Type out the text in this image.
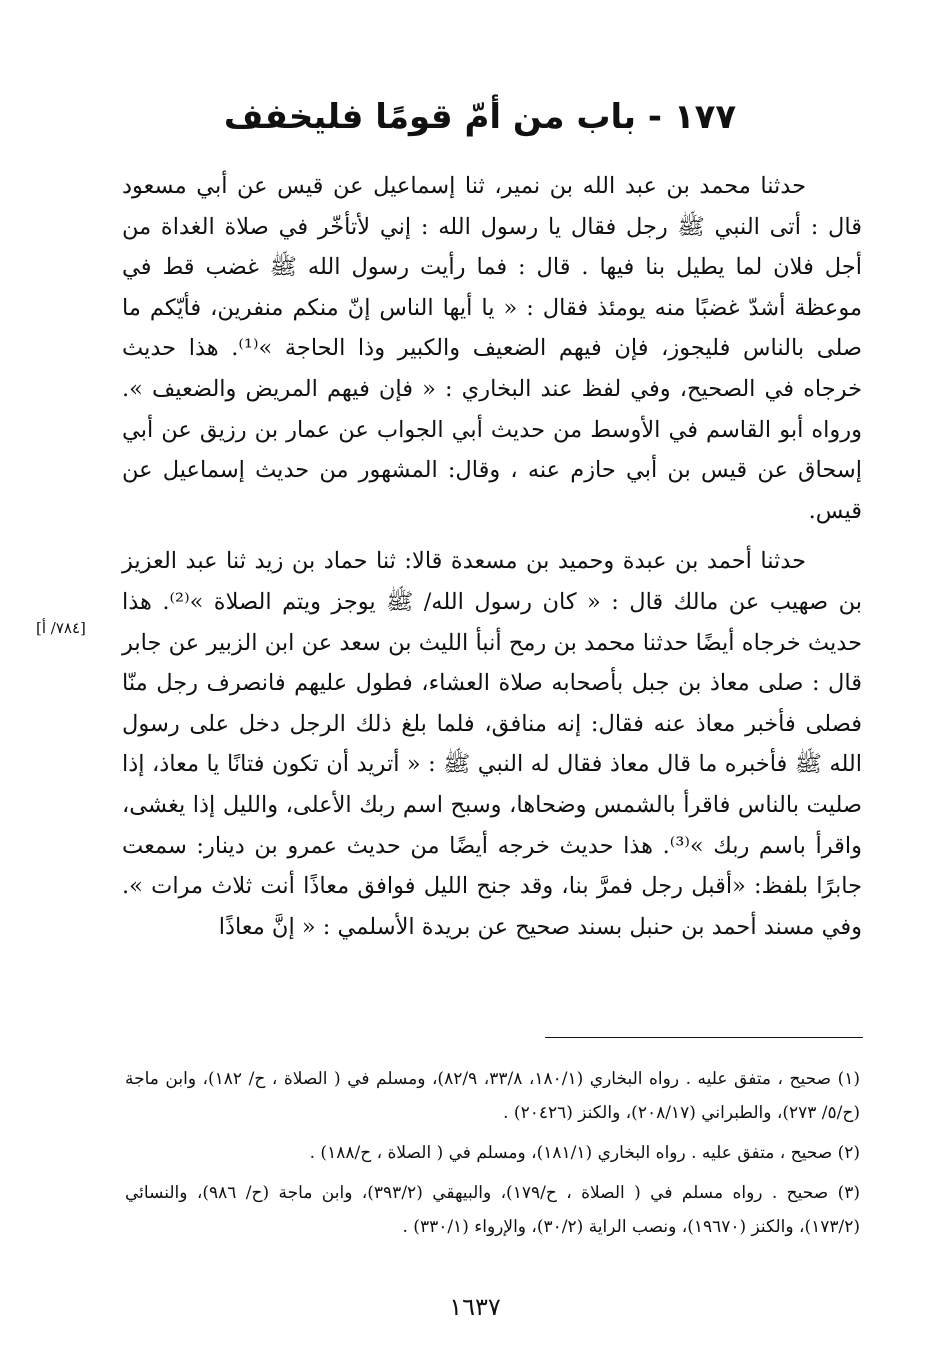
١٧٧ - باب من أمّ قومًا فليخفف

حدثنا محمد بن عبد الله بن نمير، ثنا إسماعيل عن قيس عن أبي مسعود قال : أتى النبي ﷺ رجل فقال يا رسول الله : إني لأتأخّر في صلاة الغداة من أجل فلان لما يطيل بنا فيها . قال : فما رأيت رسول الله ﷺ غضب قط في موعظة أشدّ غضبًا منه يومئذ فقال : « يا أيها الناس إنّ منكم منفرين، فأيّكم ما صلى بالناس فليجوز، فإن فيهم الضعيف والكبير وذا الحاجة »⁽¹⁾. هذا حديث خرجاه في الصحيح، وفي لفظ عند البخاري : « فإن فيهم المريض والضعيف ». ورواه أبو القاسم في الأوسط من حديث أبي الجواب عن عمار بن رزيق عن أبي إسحاق عن قيس بن أبي حازم عنه ، وقال: المشهور من حديث إسماعيل عن قيس.

حدثنا أحمد بن عبدة وحميد بن مسعدة قالا: ثنا حماد بن زيد ثنا عبد العزيز بن صهيب عن مالك قال : « كان رسول الله/ ﷺ يوجز ويتم الصلاة »⁽²⁾. هذا حديث خرجاه أيضًا حدثنا محمد بن رمح أنبأ الليث بن سعد عن ابن الزبير عن جابر قال : صلى معاذ بن جبل بأصحابه صلاة العشاء، فطول عليهم فانصرف رجل منّا فصلى فأخبر معاذ عنه فقال: إنه منافق، فلما بلغ ذلك الرجل دخل على رسول الله ﷺ فأخبره ما قال معاذ فقال له النبي ﷺ : « أتريد أن تكون فتانًا يا معاذ، إذا صليت بالناس فاقرأ بالشمس وضحاها، وسبح اسم ربك الأعلى، والليل إذا يغشى، واقرأ باسم ربك »⁽³⁾. هذا حديث خرجه أيضًا من حديث عمرو بن دينار: سمعت جابرًا بلفظ: «أقبل رجل فمرَّ بنا، وقد جنح الليل فوافق معاذًا أنت ثلاث مرات ». وفي مسند أحمد بن حنبل بسند صحيح عن بريدة الأسلمي : « إنَّ معاذًا

[٧٨٤/ أ]

(١) صحيح ، متفق عليه . رواه البخاري (١٨٠/١، ٣٣/٨، ٨٢/٩)، ومسلم في ( الصلاة ، ح/ ١٨٢)، وابن ماجة (ح/٥/ ٢٧٣)، والطبراني (٢٠٨/١٧)، والكنز (٢٠٤٢٦) .

(٢) صحيح ، متفق عليه . رواه البخاري (١٨١/١)، ومسلم في ( الصلاة ، ح/١٨٨) .

(٣) صحيح . رواه مسلم في ( الصلاة ، ح/١٧٩)، والبيهقي (٣٩٣/٢)، وابن ماجة (ح/ ٩٨٦)، والنسائي (١٧٣/٢)، والكنز (١٩٦٧٠)، ونصب الراية (٣٠/٢)، والإرواء (٣٣٠/١) .

١٦٣٧
